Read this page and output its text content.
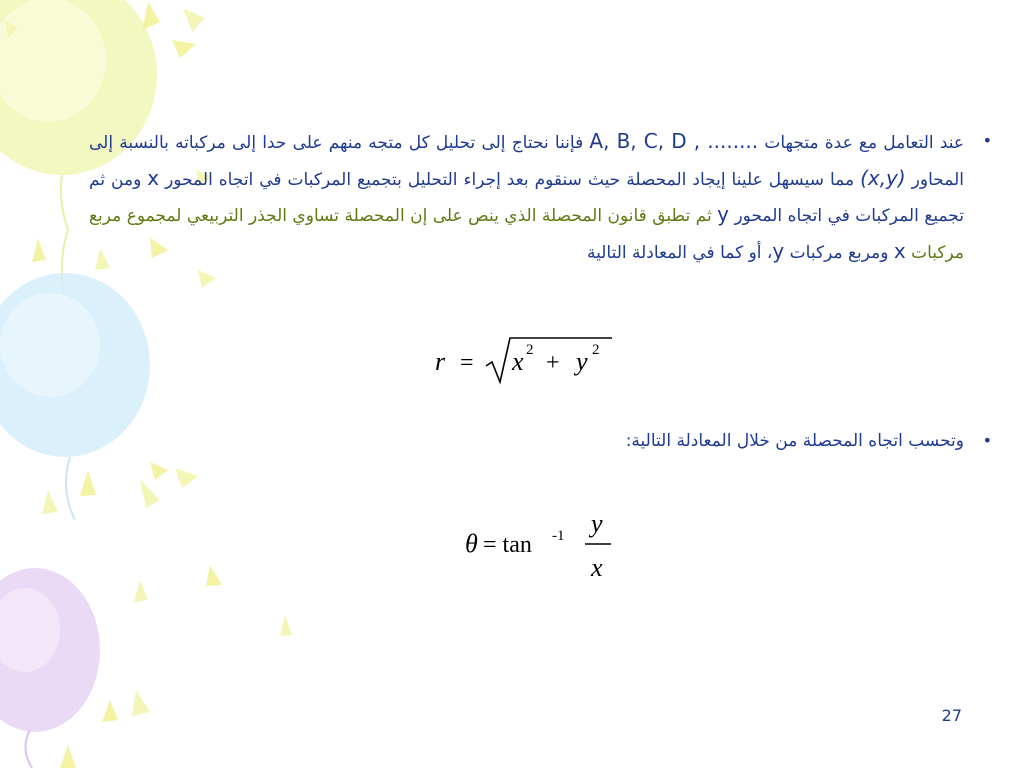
•
عند التعامل مع عدة متجهات A, B, C, D , ........ فإننا نحتاج إلى تحليل كل متجه منهم على حدا إلى مركباته بالنسبة إلى المحاور (x,y) مما سيسهل علينا إيجاد المحصلة حيث سنقوم بعد إجراء التحليل بتجميع المركبات في اتجاه المحور x ومن ثم تجميع المركبات في اتجاه المحور y ثم تطبق قانون المحصلة الذي ينص على إن المحصلة تساوي الجذر التربيعي لمجموع مربع مركبات x ومربع مركبات y، أو كما في المعادلة التالية
r = x 2 + y 2
•
وتحسب اتجاه المحصلة من خلال المعادلة التالية:
θ = tan -1 y
x
27
